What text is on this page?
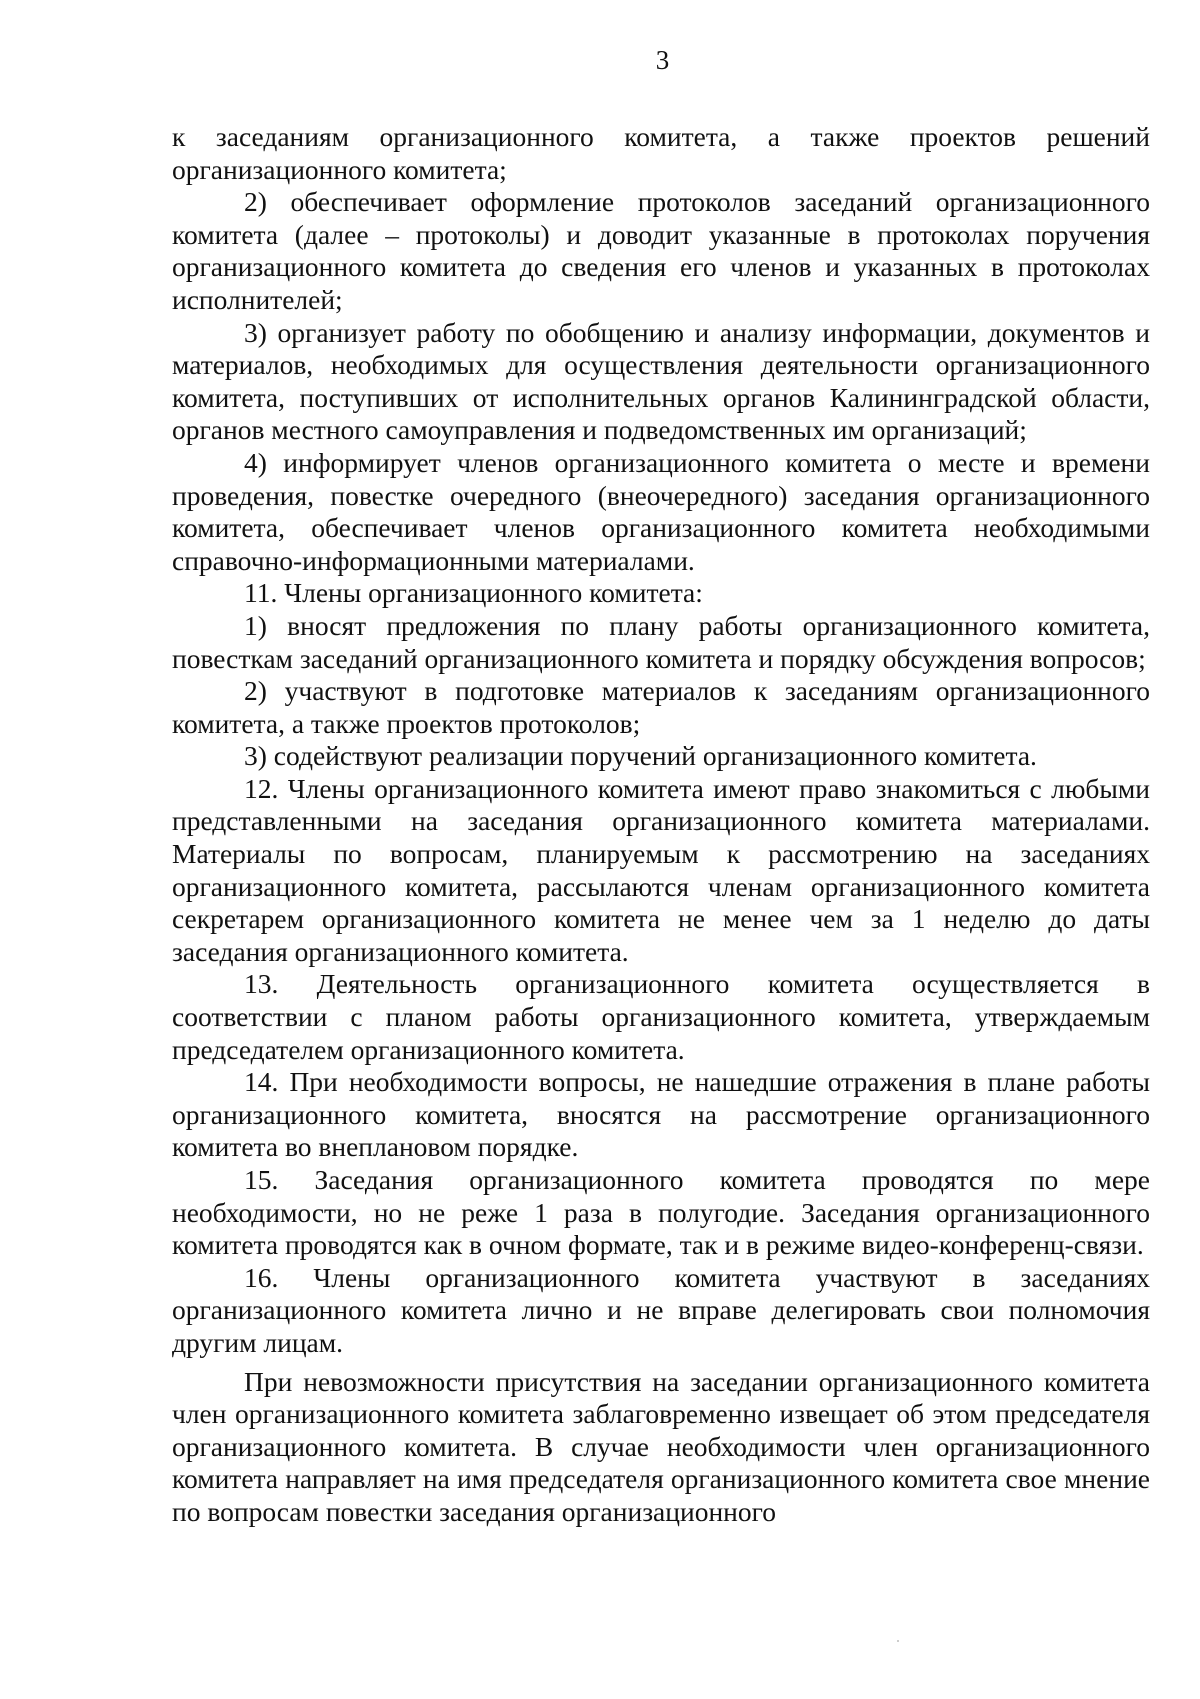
3

к заседаниям организационного комитета, а также проектов решений организационного комитета;

2) обеспечивает оформление протоколов заседаний организационного комитета (далее – протоколы) и доводит указанные в протоколах поручения организационного комитета до сведения его членов и указанных в протоколах исполнителей;

3) организует работу по обобщению и анализу информации, документов и материалов, необходимых для осуществления деятельности организационного комитета, поступивших от исполнительных органов Калининградской области, органов местного самоуправления и подведомственных им организаций;

4) информирует членов организационного комитета о месте и времени проведения, повестке очередного (внеочередного) заседания организационного комитета, обеспечивает членов организационного комитета необходимыми справочно-информационными материалами.

11. Члены организационного комитета:

1) вносят предложения по плану работы организационного комитета, повесткам заседаний организационного комитета и порядку обсуждения вопросов;

2) участвуют в подготовке материалов к заседаниям организационного комитета, а также проектов протоколов;

3) содействуют реализации поручений организационного комитета.

12. Члены организационного комитета имеют право знакомиться с любыми представленными на заседания организационного комитета материалами. Материалы по вопросам, планируемым к рассмотрению на заседаниях организационного комитета, рассылаются членам организационного комитета секретарем организационного комитета не менее чем за 1 неделю до даты заседания организационного комитета.

13. Деятельность организационного комитета осуществляется в соответствии с планом работы организационного комитета, утверждаемым председателем организационного комитета.

14. При необходимости вопросы, не нашедшие отражения в плане работы организационного комитета, вносятся на рассмотрение организационного комитета во внеплановом порядке.

15. Заседания организационного комитета проводятся по мере необходимости, но не реже 1 раза в полугодие. Заседания организационного комитета проводятся как в очном формате, так и в режиме видео-конференц-связи.

16. Члены организационного комитета участвуют в заседаниях организационного комитета лично и не вправе делегировать свои полномочия другим лицам.

При невозможности присутствия на заседании организационного комитета член организационного комитета заблаговременно извещает об этом председателя организационного комитета. В случае необходимости член организационного комитета направляет на имя председателя организационного комитета свое мнение по вопросам повестки заседания организационного
